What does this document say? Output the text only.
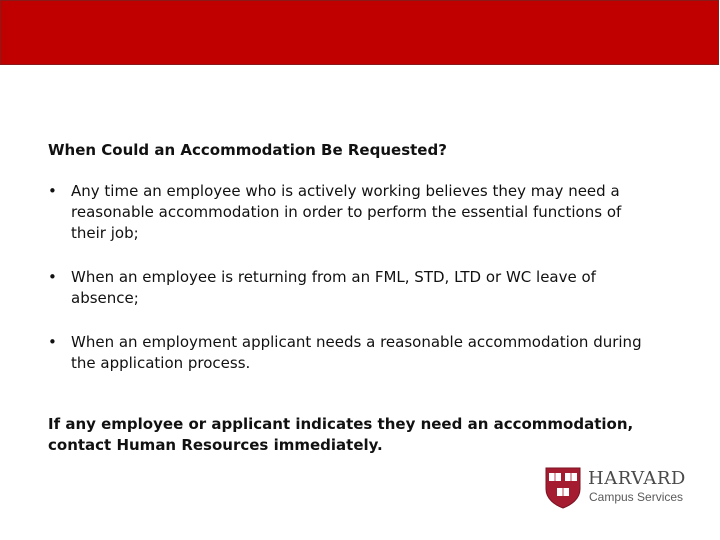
When Could an Accommodation Be Requested?

• Any time an employee who is actively working believes they may need a reasonable accommodation in order to perform the essential functions of their job;
• When an employee is returning from an FML, STD, LTD or WC leave of absence;
• When an employment applicant needs a reasonable accommodation during the application process.

If any employee or applicant indicates they need an accommodation, contact Human Resources immediately.

HARVARD
Campus Services
